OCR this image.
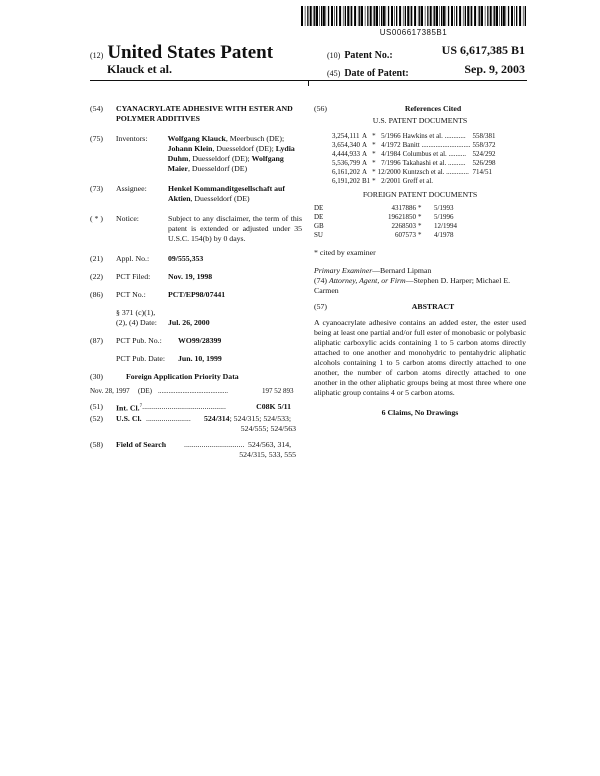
US006617385B1
(12) United States Patent
Klauck et al.
(10) Patent No.:	US 6,617,385 B1
(45) Date of Patent:	Sep. 9, 2003
(54)	CYANACRYLATE ADHESIVE WITH ESTER AND POLYMER ADDITIVES
(75)	Inventors:	Wolfgang Klauck, Meerbusch (DE);
Johann Klein, Duesseldorf (DE); Lydia
Duhm, Duesseldorf (DE); Wolfgang
Maier, Duesseldorf (DE)
(73)	Assignee:	Henkel Kommanditgesellschaft auf Aktien, Duesseldorf (DE)
( * )	Notice:	Subject to any disclaimer, the term of this patent is extended or adjusted under 35 U.S.C. 154(b) by 0 days.
(21)	Appl. No.:	09/555,353
(22)	PCT Filed:	Nov. 19, 1998
(86)	PCT No.:	PCT/EP98/07441
§ 371 (c)(1),
(2), (4) Date:	Jul. 26, 2000
(87)	PCT Pub. No.:	WO99/28399
PCT Pub. Date:	Jun. 10, 1999
(30)	Foreign Application Priority Data
Nov. 28, 1997	(DE) ........................................	197 52 893
(51)	Int. Cl.$^7$ ...........................................	C08K 5/11
(52)	U.S. Cl. .......................	524/314; 524/315; 524/533;
524/555; 524/563
(58)	Field of Search	............................... 524/563, 314,
524/315, 533, 555
(56)	References Cited
U.S. PATENT DOCUMENTS
3,254,111	A	*	5/1966	Hawkins et al. ............	558/381
3,654,340	A	*	4/1972	Banitt ............................	558/372
4,444,933	A	*	4/1984	Columbus et al. ..........	524/292
5,536,799	A	*	7/1996	Takahashi et al. ..........	526/298
6,161,202	A	*	12/2000	Kuntzsch et al. .............	714/51
6,191,202	B1	*	2/2001	Greff et al.	
FOREIGN PATENT DOCUMENTS
DE	4317886	*	5/1993
DE	19621850	*	5/1996
GB	2268503	*	12/1994
SU	607573	*	4/1978
* cited by examiner
Primary Examiner—Bernard Lipman
(74) Attorney, Agent, or Firm—Stephen D. Harper; Michael E. Carmen
(57)	ABSTRACT
A cyanoacrylate adhesive contains an added ester, the ester used being at least one partial and/or full ester of monobasic or polybasic aliphatic carboxylic acids containing 1 to 5 carbon atoms directly attached to one another and monohydric to pentahydric aliphatic alcohols containing 1 to 5 carbon atoms directly attached to one another, the number of carbon atoms directly attached to one another in the other aliphatic groups being at most three where one aliphatic group contains 4 or 5 carbon atoms.
6 Claims, No Drawings
